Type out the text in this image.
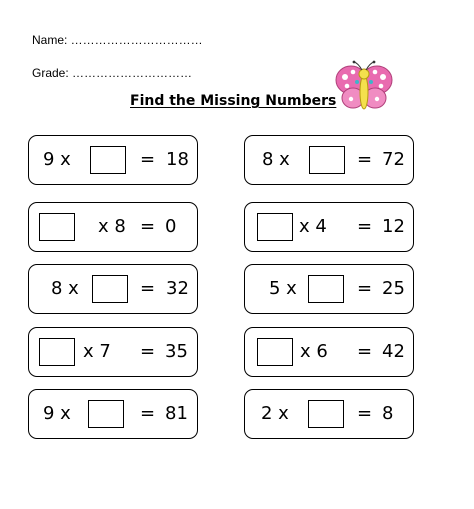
Name: ……………………………
Grade: …………………………
Find the Missing Numbers
9 x	= 18	8 x	= 72
x 8 = 0	x 4 = 12
8 x	= 32	5 x	= 25
x 7 = 35	x 6 = 42
9 x	= 81	2 x	= 8
